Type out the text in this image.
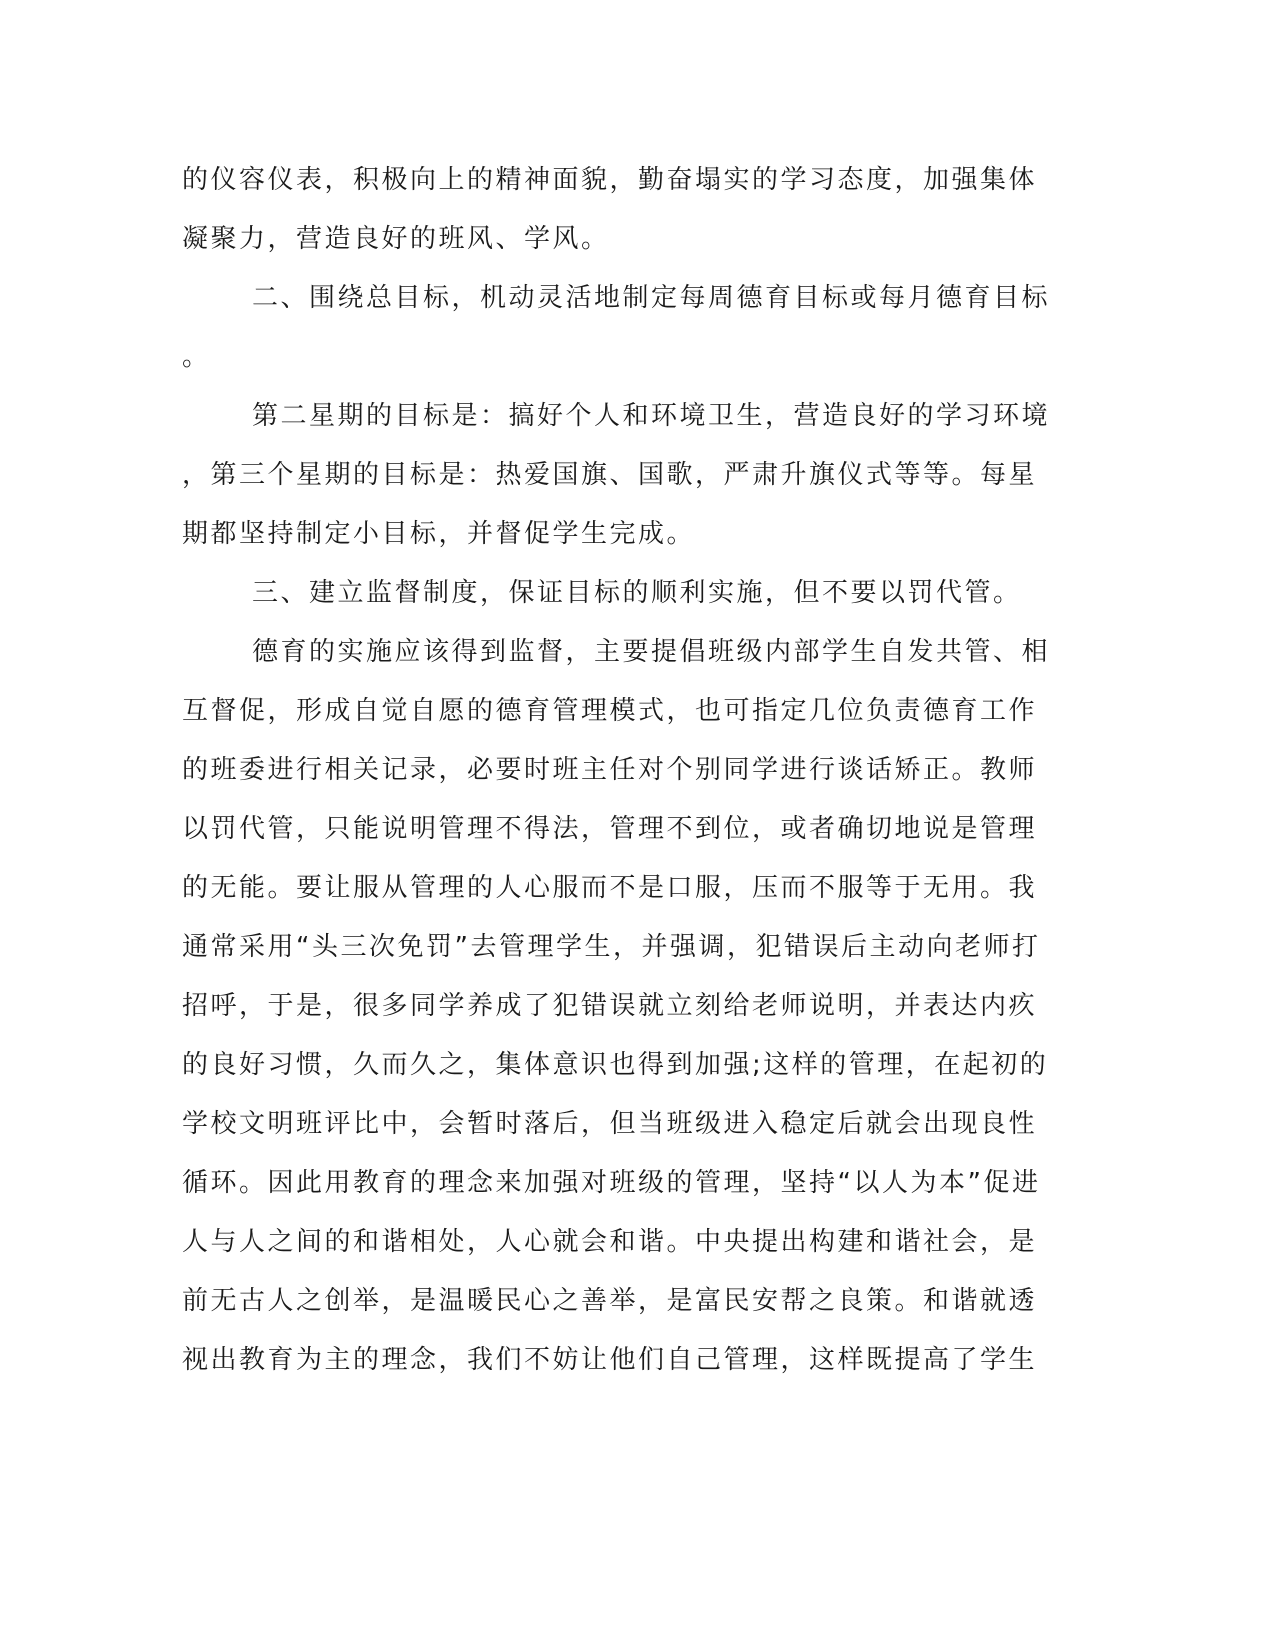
的仪容仪表，积极向上的精神面貌，勤奋塌实的学习态度，加强集体
凝聚力，营造良好的班风、学风。
二、围绕总目标，机动灵活地制定每周德育目标或每月德育目标
。
第二星期的目标是：搞好个人和环境卫生，营造良好的学习环境
，第三个星期的目标是：热爱国旗、国歌，严肃升旗仪式等等。每星
期都坚持制定小目标，并督促学生完成。
三、建立监督制度，保证目标的顺利实施，但不要以罚代管。
德育的实施应该得到监督，主要提倡班级内部学生自发共管、相
互督促，形成自觉自愿的德育管理模式，也可指定几位负责德育工作
的班委进行相关记录，必要时班主任对个别同学进行谈话矫正。教师
以罚代管，只能说明管理不得法，管理不到位，或者确切地说是管理
的无能。要让服从管理的人心服而不是口服，压而不服等于无用。我
通常采用“头三次免罚”去管理学生，并强调，犯错误后主动向老师打
招呼，于是，很多同学养成了犯错误就立刻给老师说明，并表达内疚
的良好习惯，久而久之，集体意识也得到加强;这样的管理，在起初的
学校文明班评比中，会暂时落后，但当班级进入稳定后就会出现良性
循环。因此用教育的理念来加强对班级的管理，坚持“以人为本”促进
人与人之间的和谐相处，人心就会和谐。中央提出构建和谐社会，是
前无古人之创举，是温暖民心之善举，是富民安帮之良策。和谐就透
视出教育为主的理念，我们不妨让他们自己管理，这样既提高了学生
